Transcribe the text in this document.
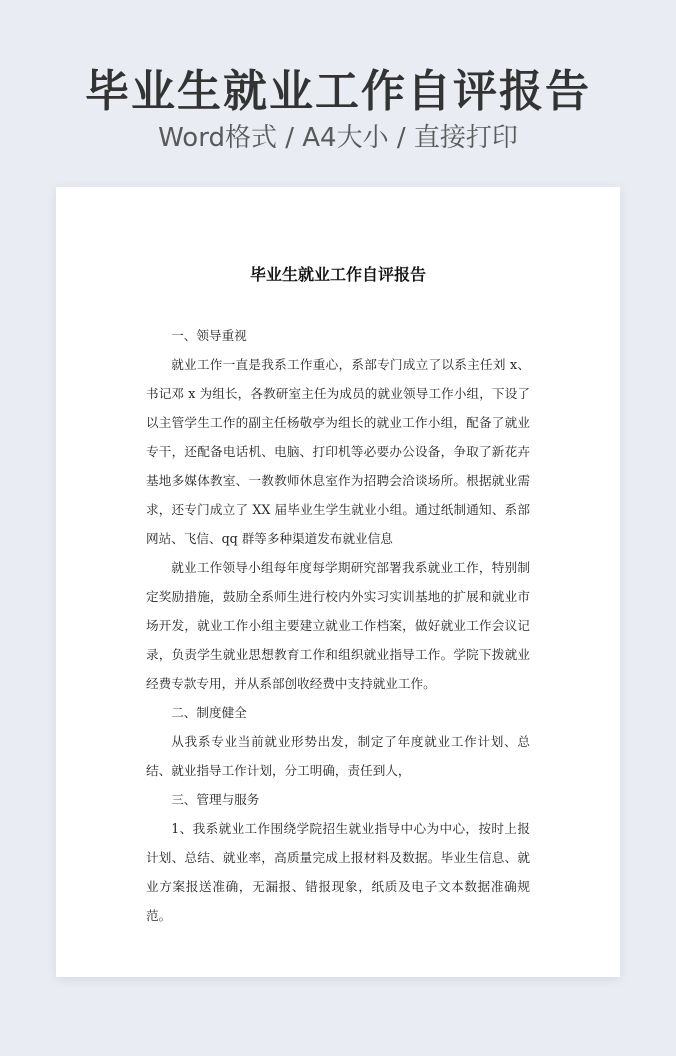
毕业生就业工作自评报告
Word格式 / A4大小 / 直接打印
毕业生就业工作自评报告

一、领导重视

就业工作一直是我系工作重心，系部专门成立了以系主任刘 x、书记邓 x 为组长，各教研室主任为成员的就业领导工作小组，下设了以主管学生工作的副主任杨敬亭为组长的就业工作小组，配备了就业专干，还配备电话机、电脑、打印机等必要办公设备，争取了新花卉基地多媒体教室、一教教师休息室作为招聘会洽谈场所。根据就业需求，还专门成立了 XX 届毕业生学生就业小组。通过纸制通知、系部网站、飞信、qq 群等多种渠道发布就业信息

就业工作领导小组每年度每学期研究部署我系就业工作，特别制定奖励措施，鼓励全系师生进行校内外实习实训基地的扩展和就业市场开发，就业工作小组主要建立就业工作档案，做好就业工作会议记录，负责学生就业思想教育工作和组织就业指导工作。学院下拨就业经费专款专用，并从系部创收经费中支持就业工作。

二、制度健全

从我系专业当前就业形势出发，制定了年度就业工作计划、总结、就业指导工作计划，分工明确，责任到人，

三、管理与服务

1、我系就业工作围绕学院招生就业指导中心为中心，按时上报计划、总结、就业率，高质量完成上报材料及数据。毕业生信息、就业方案报送准确，无漏报、错报现象，纸质及电子文本数据准确规范。
